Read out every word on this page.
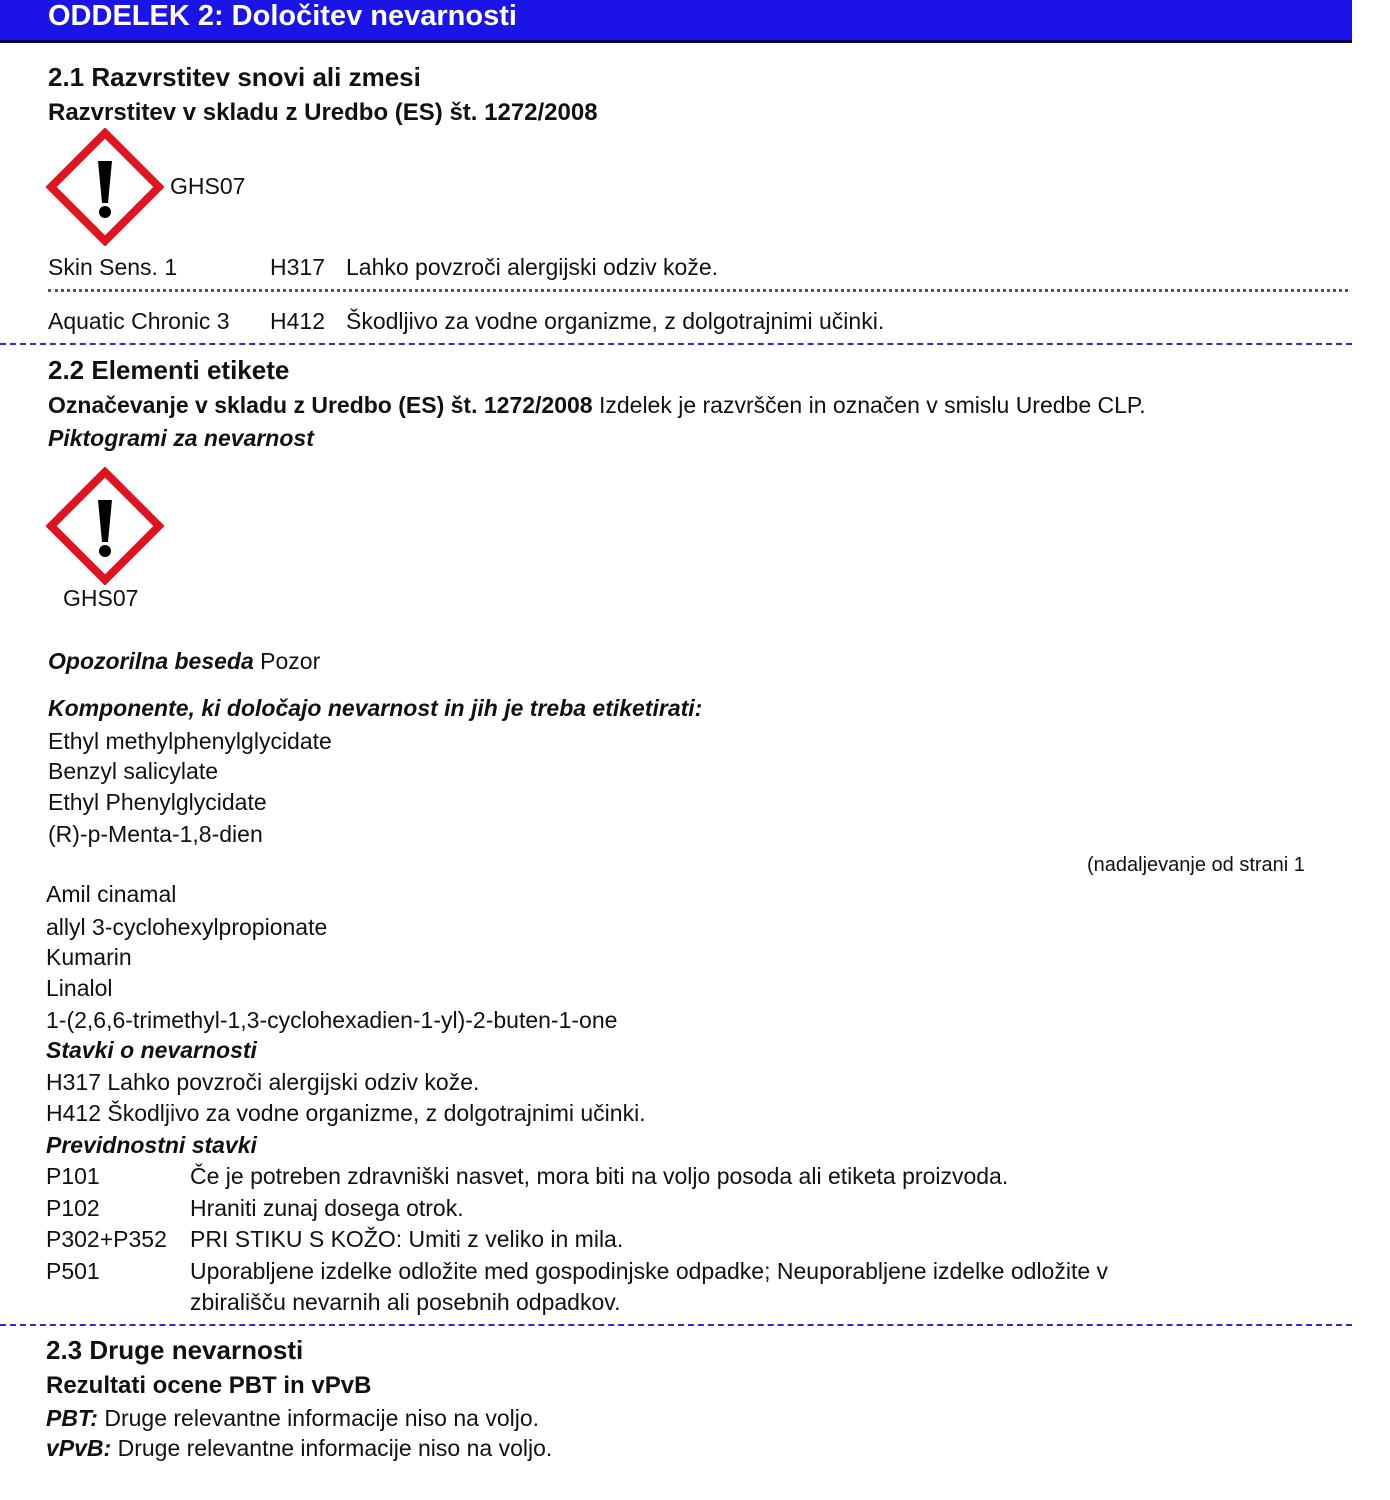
ODDELEK 2: Določitev nevarnosti
2.1 Razvrstitev snovi ali zmesi
Razvrstitev v skladu z Uredbo (ES) št. 1272/2008
GHS07
Skin Sens. 1	H317 Lahko povzroči alergijski odziv kože.
Aquatic Chronic 3 H412 Škodljivo za vodne organizme, z dolgotrajnimi učinki.
2.2 Elementi etikete
Označevanje v skladu z Uredbo (ES) št. 1272/2008 Izdelek je razvrščen in označen v smislu Uredbe CLP.
Piktogrami za nevarnost
GHS07
Opozorilna beseda Pozor
Komponente, ki določajo nevarnost in jih je treba etiketirati:
Ethyl methylphenylglycidate
Benzyl salicylate
Ethyl Phenylglycidate
(R)-p-Menta-1,8-dien
(nadaljevanje od strani 1
Amil cinamal
allyl 3-cyclohexylpropionate
Kumarin
Linalol
1-(2,6,6-trimethyl-1,3-cyclohexadien-1-yl)-2-buten-1-one
Stavki o nevarnosti
H317 Lahko povzroči alergijski odziv kože.
H412 Škodljivo za vodne organizme, z dolgotrajnimi učinki.
Previdnostni stavki
P101	Če je potreben zdravniški nasvet, mora biti na voljo posoda ali etiketa proizvoda.
P102	Hraniti zunaj dosega otrok.
P302+P352 PRI STIKU S KOŽO: Umiti z veliko in mila.
P501	Uporabljene izdelke odložite med gospodinjske odpadke; Neuporabljene izdelke odložite v
zbirališču nevarnih ali posebnih odpadkov.
2.3 Druge nevarnosti
Rezultati ocene PBT in vPvB
PBT: Druge relevantne informacije niso na voljo.
vPvB: Druge relevantne informacije niso na voljo.
